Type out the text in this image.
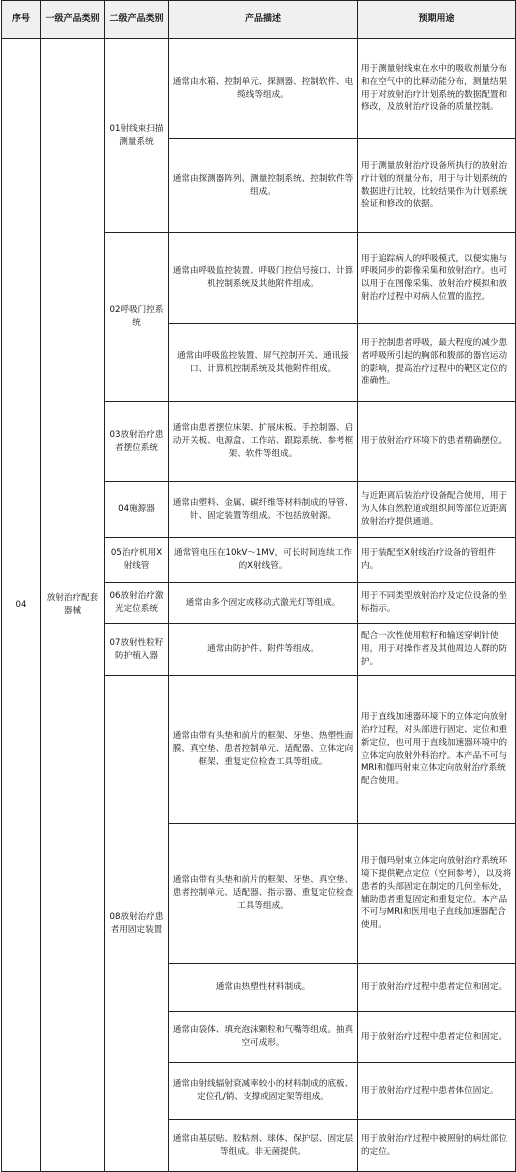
序号	一级产品类别	二级产品类别	产品描述	预期用途
04	放射治疗配套器械	01射线束扫描测量系统	通常由水箱、控制单元、探测器、控制软件、电缆线等组成。	用于测量射线束在水中的吸收剂量分布和在空气中的比释动能分布，测量结果用于对放射治疗计划系统的数据配置和修改，及放射治疗设备的质量控制。
			通常由探测器阵列、测量控制系统、控制软件等组成。	用于测量放射治疗设备所执行的放射治疗计划的剂量分布，用于与计划系统的数据进行比较，比较结果作为计划系统验证和修改的依据。
		02呼吸门控系统	通常由呼吸监控装置、呼吸门控信号接口、计算机控制系统及其他附件组成。	用于追踪病人的呼吸模式，以便实施与呼吸同步的影像采集和放射治疗。也可以用于在图像采集、放射治疗模拟和放射治疗过程中对病人位置的监控。
			通常由呼吸监控装置、屏气控制开关、通讯接口、计算机控制系统及其他附件组成。	用于控制患者呼吸，最大程度的减少患者呼吸所引起的胸部和腹部的器官运动的影响，提高治疗过程中的靶区定位的准确性。
		03放射治疗患者摆位系统	通常由患者摆位床架、扩展床板、手控制器、启动开关板、电源盒、工作站、跟踪系统、参考框架、软件等组成。	用于放射治疗环境下的患者精确摆位。
		04施源器	通常由塑料、金属、碳纤维等材料制成的导管、针、固定装置等组成。不包括放射源。	与近距离后装治疗设备配合使用，用于为人体自然腔道或组织间等部位近距离放射治疗提供通道。
		05治疗机用X射线管	通常管电压在10kV～1MV，可长时间连续工作的X射线管。	用于装配至X射线治疗设备的管组件内。
		06放射治疗激光定位系统	通常由多个固定或移动式激光灯等组成。	用于不同类型放射治疗及定位设备的坐标指示。
		07放射性粒籽防护植入器	通常由防护件、附件等组成。	配合一次性使用粒籽和输送穿刺针使用，用于对操作者及其他周边人群的防护。
		08放射治疗患者用固定装置	通常由带有头垫和前片的框架、牙垫、热塑性面膜、真空垫、患者控制单元、适配器、立体定向框架、重复定位检查工具等组成。	用于直线加速器环境下的立体定向放射治疗过程，对头部进行固定、定位和重新定位，也可用于直线加速器环境中的立体定向放射外科治疗。本产品不可与MRI和伽玛射束立体定向放射治疗系统配合使用。
			通常由带有头垫和前片的框架、牙垫、真空垫、患者控制单元、适配器、指示器、重复定位检查工具等组成。	用于伽玛射束立体定向放射治疗系统环境下提供靶点定位（空间参考），以及将患者的头部固定在制定的几何坐标处，辅助患者重复固定和重复定位。本产品不可与MRI和医用电子直线加速器配合使用。
			通常由热塑性材料制成。	用于放射治疗过程中患者定位和固定。
			通常由袋体、填充泡沫颗粒和气嘴等组成。抽真空可成形。	用于放射治疗过程中患者定位和固定。
			通常由射线辐射衰减率较小的材料制成的底板、定位孔/销、支撑或固定架等组成。	用于放射治疗过程中患者体位固定。
			通常由基层贴、胶粘剂、球体、保护层、固定层等组成。非无菌提供。	用于放射治疗过程中被照射的病灶部位的定位。
